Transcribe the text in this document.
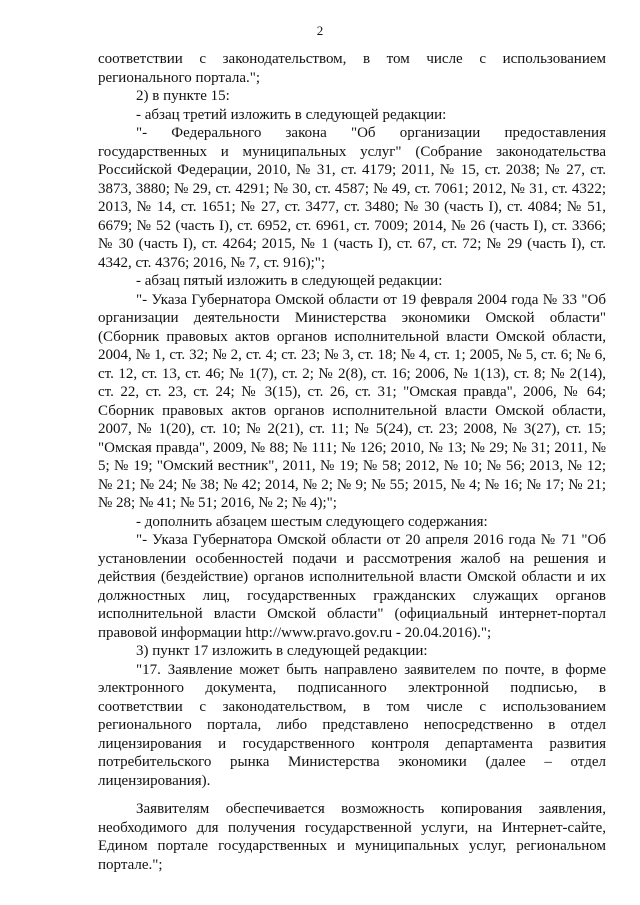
2

соответствии с законодательством, в том числе с использованием регионального портала.";

2) в пункте 15:

- абзац третий изложить в следующей редакции:

"- Федерального закона "Об организации предоставления государственных и муниципальных услуг" (Собрание законодательства Российской Федерации, 2010, № 31, ст. 4179; 2011, № 15, ст. 2038; № 27, ст. 3873, 3880; № 29, ст. 4291; № 30, ст. 4587; № 49, ст. 7061; 2012, № 31, ст. 4322; 2013, № 14, ст. 1651; № 27, ст. 3477, ст. 3480; № 30 (часть I), ст. 4084; № 51, 6679; № 52 (часть I), ст. 6952, ст. 6961, ст. 7009; 2014, № 26 (часть I), ст. 3366; № 30 (часть I), ст. 4264; 2015, № 1 (часть I), ст. 67, ст. 72; № 29 (часть I), ст. 4342, ст. 4376; 2016, № 7, ст. 916);";

- абзац пятый изложить в следующей редакции:

"- Указа Губернатора Омской области от 19 февраля 2004 года № 33 "Об организации деятельности Министерства экономики Омской области" (Сборник правовых актов органов исполнительной власти Омской области, 2004, № 1, ст. 32; № 2, ст. 4; ст. 23; № 3, ст. 18; № 4, ст. 1; 2005, № 5, ст. 6; № 6, ст. 12, ст. 13, ст. 46; № 1(7), ст. 2; № 2(8), ст. 16; 2006, № 1(13), ст. 8; № 2(14), ст. 22, ст. 23, ст. 24; № 3(15), ст. 26, ст. 31; "Омская правда", 2006, № 64; Сборник правовых актов органов исполнительной власти Омской области, 2007, № 1(20), ст. 10; № 2(21), ст. 11; № 5(24), ст. 23; 2008, № 3(27), ст. 15; "Омская правда", 2009, № 88; № 111; № 126; 2010, № 13; № 29; № 31; 2011, № 5; № 19; "Омский вестник", 2011, № 19; № 58; 2012, № 10; № 56; 2013, № 12; № 21; № 24; № 38; № 42; 2014, № 2; № 9; № 55; 2015, № 4; № 16; № 17; № 21; № 28; № 41; № 51; 2016, № 2; № 4);";

- дополнить абзацем шестым следующего содержания:

"- Указа Губернатора Омской области от 20 апреля 2016 года № 71 "Об установлении особенностей подачи и рассмотрения жалоб на решения и действия (бездействие) органов исполнительной власти Омской области и их должностных лиц, государственных гражданских служащих органов исполнительной власти Омской области" (официальный интернет-портал правовой информации http://www.pravo.gov.ru - 20.04.2016).";

3) пункт 17 изложить в следующей редакции:

"17. Заявление может быть направлено заявителем по почте, в форме электронного документа, подписанного электронной подписью, в соответствии с законодательством, в том числе с использованием регионального портала, либо представлено непосредственно в отдел лицензирования и государственного контроля департамента развития потребительского рынка Министерства экономики (далее – отдел лицензирования).

Заявителям обеспечивается возможность копирования заявления, необходимого для получения государственной услуги, на Интернет-сайте, Едином портале государственных и муниципальных услуг, региональном портале.";
